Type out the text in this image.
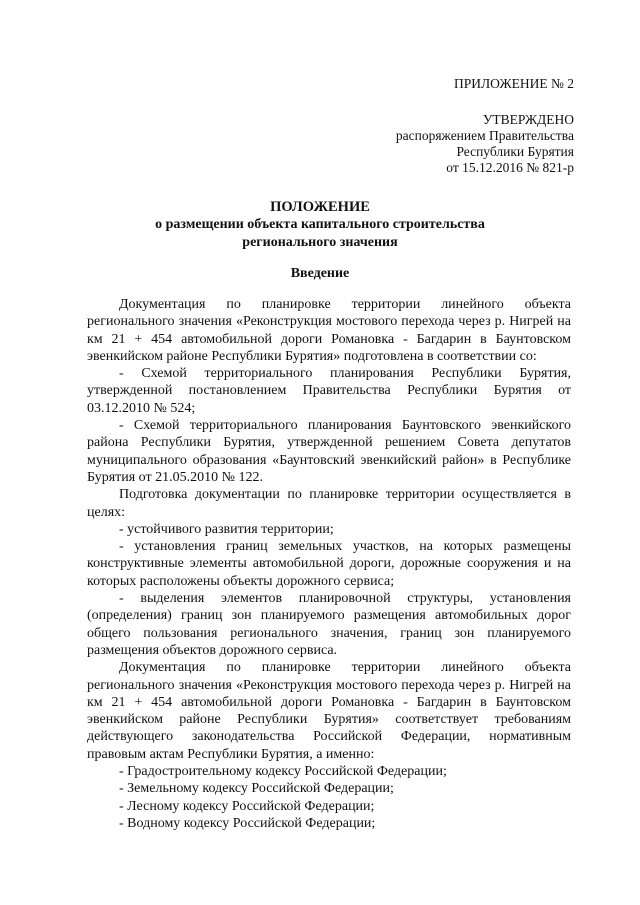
ПРИЛОЖЕНИЕ № 2
УТВЕРЖДЕНО
распоряжением Правительства
Республики Бурятия
от 15.12.2016 № 821-р
ПОЛОЖЕНИЕ
о размещении объекта капитального строительства
регионального значения
Введение

Документация по планировке территории линейного объекта регионального значения «Реконструкция мостового перехода через р. Нигрей на км 21 + 454 автомобильной дороги Романовка - Багдарин в Баунтовском эвенкийском районе Республики Бурятия» подготовлена в соответствии со:

- Схемой территориального планирования Республики Бурятия, утвержденной постановлением Правительства Республики Бурятия от 03.12.2010 № 524;

- Схемой территориального планирования Баунтовского эвенкийского района Республики Бурятия, утвержденной решением Совета депутатов муниципального образования «Баунтовский эвенкийский район» в Республике Бурятия от 21.05.2010 № 122.

Подготовка документации по планировке территории осуществляется в целях:

- устойчивого развития территории;

- установления границ земельных участков, на которых размещены конструктивные элементы автомобильной дороги, дорожные сооружения и на которых расположены объекты дорожного сервиса;

- выделения элементов планировочной структуры, установления (определения) границ зон планируемого размещения автомобильных дорог общего пользования регионального значения, границ зон планируемого размещения объектов дорожного сервиса.

Документация по планировке территории линейного объекта регионального значения «Реконструкция мостового перехода через р. Нигрей на км 21 + 454 автомобильной дороги Романовка - Багдарин в Баунтовском эвенкийском районе Республики Бурятия» соответствует требованиям действующего законодательства Российской Федерации, нормативным правовым актам Республики Бурятия, а именно:

- Градостроительному кодексу Российской Федерации;

- Земельному кодексу Российской Федерации;

- Лесному кодексу Российской Федерации;

- Водному кодексу Российской Федерации;
